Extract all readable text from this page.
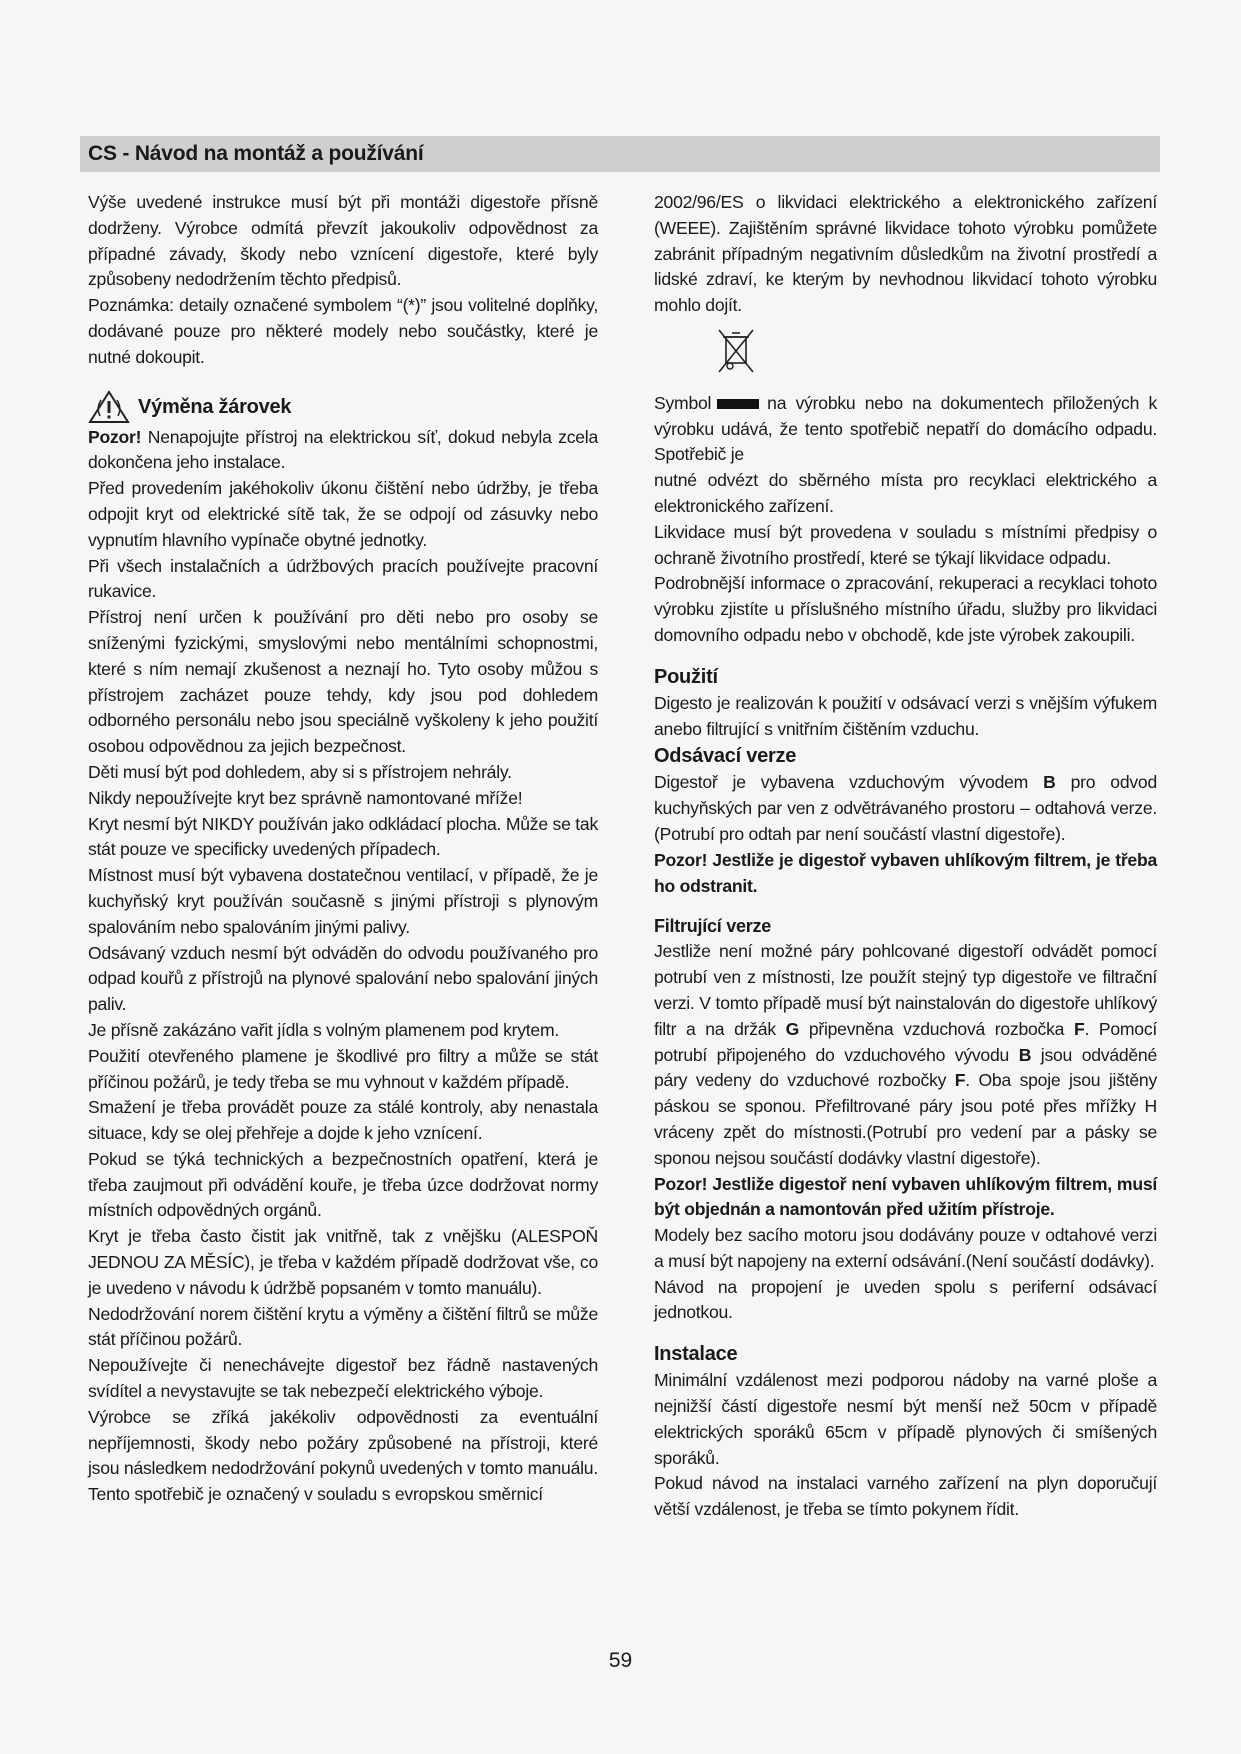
CS - Návod na montáž a používání

Výše uvedené instrukce musí být při montáži digestoře přísně dodrženy. Výrobce odmítá převzít jakoukoliv odpovědnost za případné závady, škody nebo vznícení digestoře, které byly způsobeny nedodržením těchto předpisů.

Poznámka: detaily označené symbolem “(*)” jsou volitelné doplňky, dodávané pouze pro některé modely nebo součástky, které je nutné dokoupit.

Výměna žárovek

Pozor! Nenapojujte přístroj na elektrickou síť, dokud nebyla zcela dokončena jeho instalace.

Před provedením jakéhokoliv úkonu čištění nebo údržby, je třeba odpojit kryt od elektrické sítě tak, že se odpojí od zásuvky nebo vypnutím hlavního vypínače obytné jednotky.

Při všech instalačních a údržbových pracích používejte pracovní rukavice.

Přístroj není určen k používání pro děti nebo pro osoby se sníženými fyzickými, smyslovými nebo mentálními schopnostmi, které s ním nemají zkušenost a neznají ho. Tyto osoby můžou s přístrojem zacházet pouze tehdy, kdy jsou pod dohledem odborného personálu nebo jsou speciálně vyškoleny k jeho použití osobou odpovědnou za jejich bezpečnost.

Děti musí být pod dohledem, aby si s přístrojem nehrály.

Nikdy nepoužívejte kryt bez správně namontované mříže!

Kryt nesmí být NIKDY používán jako odkládací plocha. Může se tak stát pouze ve specificky uvedených případech.

Místnost musí být vybavena dostatečnou ventilací, v případě, že je kuchyňský kryt používán současně s jinými přístroji s plynovým spalováním nebo spalováním jinými palivy.

Odsávaný vzduch nesmí být odváděn do odvodu používaného pro odpad kouřů z přístrojů na plynové spalování nebo spalování jiných paliv.

Je přísně zakázáno vařit jídla s volným plamenem pod krytem.

Použití otevřeného plamene je škodlivé pro filtry a může se stát příčinou požárů, je tedy třeba se mu vyhnout v každém případě.

Smažení je třeba provádět pouze za stálé kontroly, aby nenastala situace, kdy se olej přehřeje a dojde k jeho vznícení.

Pokud se týká technických a bezpečnostních opatření, která je třeba zaujmout při odvádění kouře, je třeba úzce dodržovat normy místních odpovědných orgánů.

Kryt je třeba často čistit jak vnitřně, tak z vnějšku (ALESPOŇ JEDNOU ZA MĚSÍC), je třeba v každém případě dodržovat vše, co je uvedeno v návodu k údržbě popsaném v tomto manuálu).

Nedodržování norem čištění krytu a výměny a čištění filtrů se může stát příčinou požárů.

Nepoužívejte či nenechávejte digestoř bez řádně nastavených svídítel a nevystavujte se tak nebezpečí elektrického výboje.

Výrobce se zříká jakékoliv odpovědnosti za eventuální nepříjemnosti, škody nebo požáry způsobené na přístroji, které jsou následkem nedodržování pokynů uvedených v tomto manuálu.

Tento spotřebič je označený v souladu s evropskou směrnicí

2002/96/ES o likvidaci elektrického a elektronického zařízení (WEEE). Zajištěním správné likvidace tohoto výrobku pomůžete zabránit případným negativním důsledkům na životní prostředí a lidské zdraví, ke kterým by nevhodnou likvidací tohoto výrobku mohlo dojít.

Symbol	na výrobku nebo na dokumentech přiložených k výrobku udává, že tento spotřebič nepatří do domácího odpadu. Spotřebič je

nutné odvézt do sběrného místa pro recyklaci elektrického a elektronického zařízení.

Likvidace musí být provedena v souladu s místními předpisy o ochraně životního prostředí, které se týkají likvidace odpadu.

Podrobnější informace o zpracování, rekuperaci a recyklaci tohoto výrobku zjistíte u příslušného místního úřadu, služby pro likvidaci domovního odpadu nebo v obchodě, kde jste výrobek zakoupili.

Použití

Digesto je realizován k použití v odsávací verzi s vnějším výfukem anebo filtrující s vnitřním čištěním vzduchu.

Odsávací verze

Digestoř je vybavena vzduchovým vývodem B pro odvod kuchyňských par ven z odvětrávaného prostoru – odtahová verze.(Potrubí pro odtah par není součástí vlastní digestoře).

Pozor! Jestliže je digestoř vybaven uhlíkovým filtrem, je třeba ho odstranit.

Filtrující verze

Jestliže není možné páry pohlcované digestoří odvádět pomocí potrubí ven z místnosti, lze použít stejný typ digestoře ve filtrační verzi. V tomto případě musí být nainstalován do digestoře uhlíkový filtr a na držák G připevněna vzduchová rozbočka F. Pomocí potrubí připojeného do vzduchového vývodu B jsou odváděné páry vedeny do vzduchové rozbočky F. Oba spoje jsou jištěny páskou se sponou. Přefiltrované páry jsou poté přes mřížky H vráceny zpět do místnosti.(Potrubí pro vedení par a pásky se sponou nejsou součástí dodávky vlastní digestoře).

Pozor! Jestliže digestoř není vybaven uhlíkovým filtrem, musí být objednán a namontován před užitím přístroje.

Modely bez sacího motoru jsou dodávány pouze v odtahové verzi a musí být napojeny na externí odsávání.(Není součástí dodávky).

Návod na propojení je uveden spolu s periferní odsávací jednotkou.

Instalace

Minimální vzdálenost mezi podporou nádoby na varné ploše a nejnižší částí digestoře nesmí být menší než 50cm v případě elektrických sporáků 65cm v případě plynových či smíšených sporáků.

Pokud návod na instalaci varného zařízení na plyn doporučují větší vzdálenost, je třeba se tímto pokynem řídit.

59
